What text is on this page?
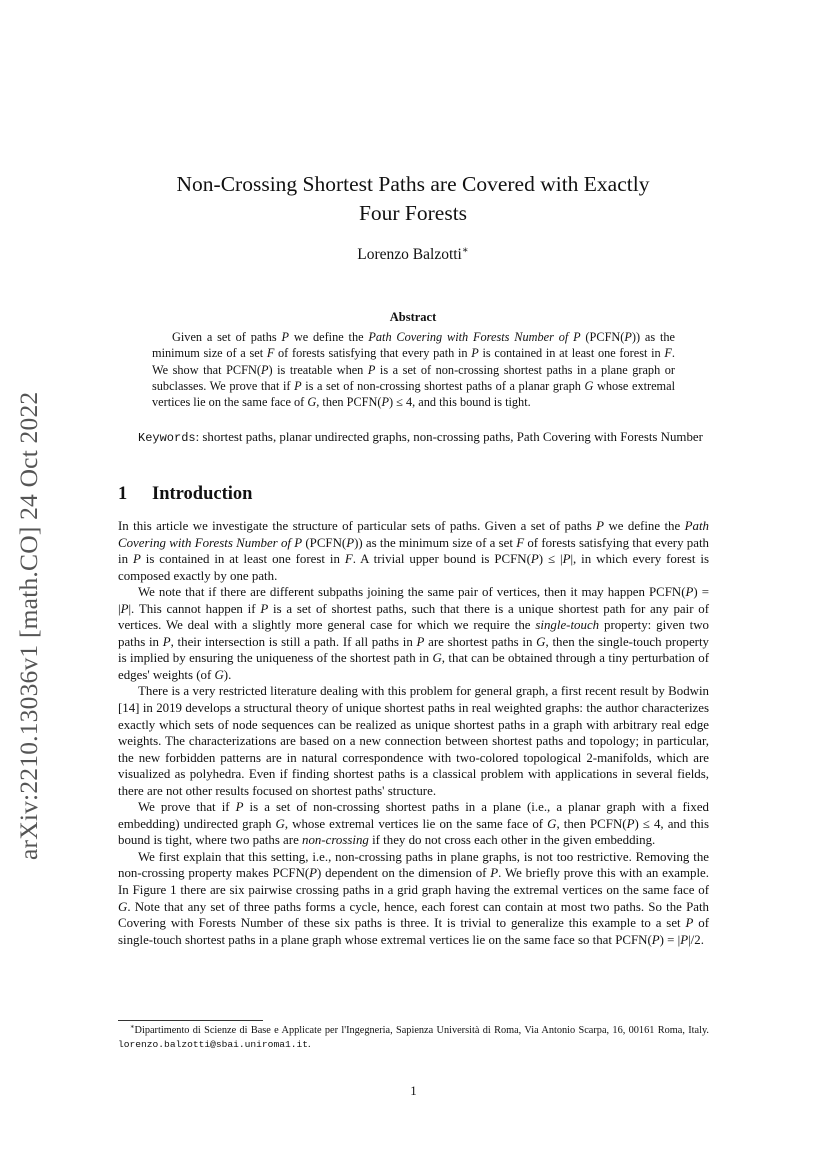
arXiv:2210.13036v1 [math.CO] 24 Oct 2022
Non-Crossing Shortest Paths are Covered with Exactly
Four Forests

Lorenzo Balzotti∗

Abstract

Given a set of paths P we define the Path Covering with Forests Number of P (PCFN(P)) as the minimum size of a set F of forests satisfying that every path in P is contained in at least one forest in F. We show that PCFN(P) is treatable when P is a set of non-crossing shortest paths in a plane graph or subclasses. We prove that if P is a set of non-crossing shortest paths of a planar graph G whose extremal vertices lie on the same face of G, then PCFN(P) ≤ 4, and this bound is tight.

Keywords: shortest paths, planar undirected graphs, non-crossing paths, Path Covering with Forests Number

1 Introduction

In this article we investigate the structure of particular sets of paths. Given a set of paths P we define the Path Covering with Forests Number of P (PCFN(P)) as the minimum size of a set F of forests satisfying that every path in P is contained in at least one forest in F. A trivial upper bound is PCFN(P) ≤ |P|, in which every forest is composed exactly by one path.

We note that if there are different subpaths joining the same pair of vertices, then it may happen PCFN(P) = |P|. This cannot happen if P is a set of shortest paths, such that there is a unique shortest path for any pair of vertices. We deal with a slightly more general case for which we require the single-touch property: given two paths in P, their intersection is still a path. If all paths in P are shortest paths in G, then the single-touch property is implied by ensuring the uniqueness of the shortest path in G, that can be obtained through a tiny perturbation of edges' weights (of G).

There is a very restricted literature dealing with this problem for general graph, a first recent result by Bodwin [14] in 2019 develops a structural theory of unique shortest paths in real weighted graphs: the author characterizes exactly which sets of node sequences can be realized as unique shortest paths in a graph with arbitrary real edge weights. The characterizations are based on a new connection between shortest paths and topology; in particular, the new forbidden patterns are in natural correspondence with two-colored topological 2-manifolds, which are visualized as polyhedra. Even if finding shortest paths is a classical problem with applications in several fields, there are not other results focused on shortest paths' structure.

We prove that if P is a set of non-crossing shortest paths in a plane (i.e., a planar graph with a fixed embedding) undirected graph G, whose extremal vertices lie on the same face of G, then PCFN(P) ≤ 4, and this bound is tight, where two paths are non-crossing if they do not cross each other in the given embedding.

We first explain that this setting, i.e., non-crossing paths in plane graphs, is not too restrictive. Removing the non-crossing property makes PCFN(P) dependent on the dimension of P. We briefly prove this with an example. In Figure 1 there are six pairwise crossing paths in a grid graph having the extremal vertices on the same face of G. Note that any set of three paths forms a cycle, hence, each forest can contain at most two paths. So the Path Covering with Forests Number of these six paths is three. It is trivial to generalize this example to a set P of single-touch shortest paths in a plane graph whose extremal vertices lie on the same face so that PCFN(P) = |P|/2.

∗Dipartimento di Scienze di Base e Applicate per l'Ingegneria, Sapienza Università di Roma, Via Antonio Scarpa, 16, 00161 Roma, Italy. lorenzo.balzotti@sbai.uniroma1.it.

1
